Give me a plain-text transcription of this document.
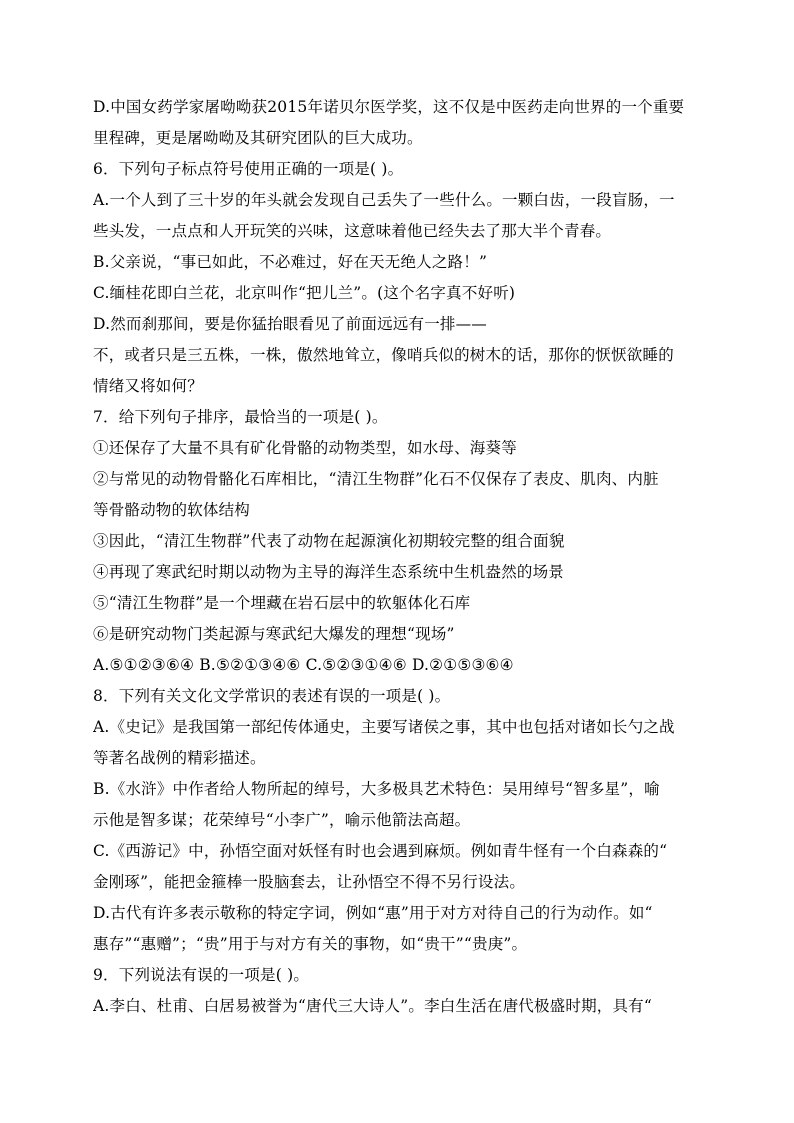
D.中国女药学家屠呦呦获2015年诺贝尔医学奖，这不仅是中医药走向世界的一个重要
里程碑，更是屠呦呦及其研究团队的巨大成功。
6．下列句子标点符号使用正确的一项是( )。
A.一个人到了三十岁的年头就会发现自己丢失了一些什么。一颗白齿，一段盲肠，一
些头发，一点点和人开玩笑的兴味，这意味着他已经失去了那大半个青春。
B.父亲说，“事已如此，不必难过，好在天无绝人之路！”
C.缅桂花即白兰花，北京叫作“把儿兰”。(这个名字真不好听)
D.然而刹那间，要是你猛抬眼看见了前面远远有一排——
不，或者只是三五株，一株，傲然地耸立，像哨兵似的树木的话，那你的恹恹欲睡的
情绪又将如何？
7．给下列句子排序，最恰当的一项是( )。
①还保存了大量不具有矿化骨骼的动物类型，如水母、海葵等
②与常见的动物骨骼化石库相比，“清江生物群”化石不仅保存了表皮、肌肉、内脏
等骨骼动物的软体结构
③因此，“清江生物群”代表了动物在起源演化初期较完整的组合面貌
④再现了寒武纪时期以动物为主导的海洋生态系统中生机盎然的场景
⑤“清江生物群”是一个埋藏在岩石层中的软躯体化石库
⑥是研究动物门类起源与寒武纪大爆发的理想“现场”
A.⑤①②③⑥④ B.⑤②①③④⑥ C.⑤②③①④⑥ D.②①⑤③⑥④
8．下列有关文化文学常识的表述有误的一项是( )。
A.《史记》是我国第一部纪传体通史，主要写诸侯之事，其中也包括对诸如长勺之战
等著名战例的精彩描述。
B.《水浒》中作者给人物所起的绰号，大多极具艺术特色：吴用绰号“智多星”，喻
示他是智多谋；花荣绰号“小李广”，喻示他箭法高超。
C.《西游记》中，孙悟空面对妖怪有时也会遇到麻烦。例如青牛怪有一个白森森的“
金刚琢”，能把金箍棒一股脑套去，让孙悟空不得不另行设法。
D.古代有许多表示敬称的特定字词，例如“惠”用于对方对待自己的行为动作。如“
惠存”“惠赠”；“贵”用于与对方有关的事物，如“贵干”“贵庚”。
9．下列说法有误的一项是( )。
A.李白、杜甫、白居易被誉为“唐代三大诗人”。李白生活在唐代极盛时期，具有“
